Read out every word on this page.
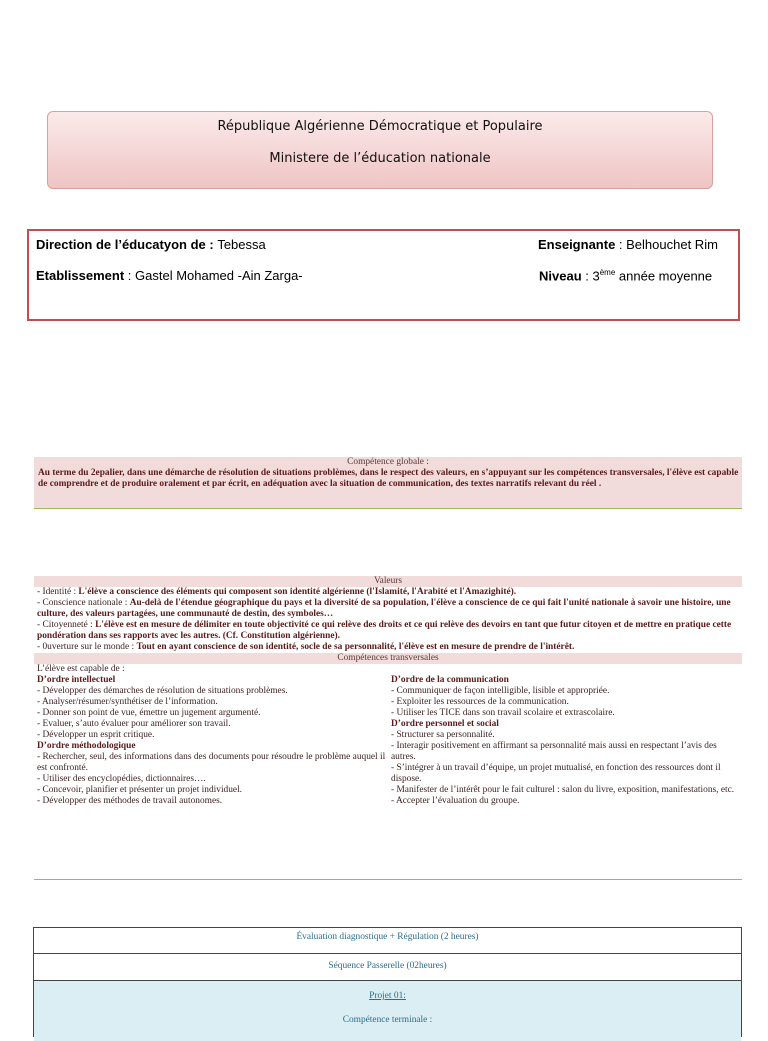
République Algérienne Démocratique et Populaire
Ministere de l’éducation nationale
Direction de l’éducatyon de : Tebessa
Etablissement : Gastel Mohamed -Ain Zarga-
Enseignante : Belhouchet Rim
Niveau : 3ème année moyenne
Compétence globale :
Au terme du 2epalier, dans une démarche de résolution de situations problèmes, dans le respect des valeurs, en s’appuyant sur les compétences transversales, l'élève est capable de comprendre et de produire oralement et par écrit, en adéquation avec la situation de communication, des textes narratifs relevant du réel .
Valeurs
- Identité : L'élève a conscience des éléments qui composent son identité algérienne (l'Islamité, l'Arabité et l'Amazighité).
- Conscience nationale : Au-delà de l'étendue géographique du pays et la diversité de sa population, l'élève a conscience de ce qui fait l'unité nationale à savoir une histoire, une
culture, des valeurs partagées, une communauté de destin, des symboles…
- Citoyenneté : L'élève est en mesure de délimiter en toute objectivité ce qui relève des droits et ce qui relève des devoirs en tant que futur citoyen et de mettre en pratique cette
pondération dans ses rapports avec les autres. (Cf. Constitution algérienne).
- 0uverture sur le monde : Tout en ayant conscience de son identité, socle de sa personnalité, l'élève est en mesure de prendre de l'intérêt.
Compétences transversales
L’élève est capable de :
D’ordre intellectuel
- Développer des démarches de résolution de situations problèmes.
- Analyser/résumer/synthétiser de l’information.
- Donner son point de vue, émettre un jugement argumenté.
- Evaluer, s’auto évaluer pour améliorer son travail.
- Développer un esprit critique.
D’ordre méthodologique
- Rechercher, seul, des informations dans des documents pour résoudre le problème auquel il est confronté.
- Utiliser des encyclopédies, dictionnaires….
- Concevoir, planifier et présenter un projet individuel.
- Développer des méthodes de travail autonomes.
D’ordre de la communication
- Communiquer de façon intelligible, lisible et appropriée.
- Exploiter les ressources de la communication.
- Utiliser les TICE dans son travail scolaire et extrascolaire.
D’ordre personnel et social
- Structurer sa personnalité.
- Interagir positivement en affirmant sa personnalité mais aussi en respectant l’avis des autres.
- S’intégrer à un travail d’équipe, un projet mutualisé, en fonction des ressources dont il dispose.
- Manifester de l’intérêt pour le fait culturel : salon du livre, exposition, manifestations, etc.
- Accepter l’évaluation du groupe.
Évaluation diagnostique + Régulation (2 heures)
Séquence Passerelle (02heures)
Projet 01:
Compétence terminale :
